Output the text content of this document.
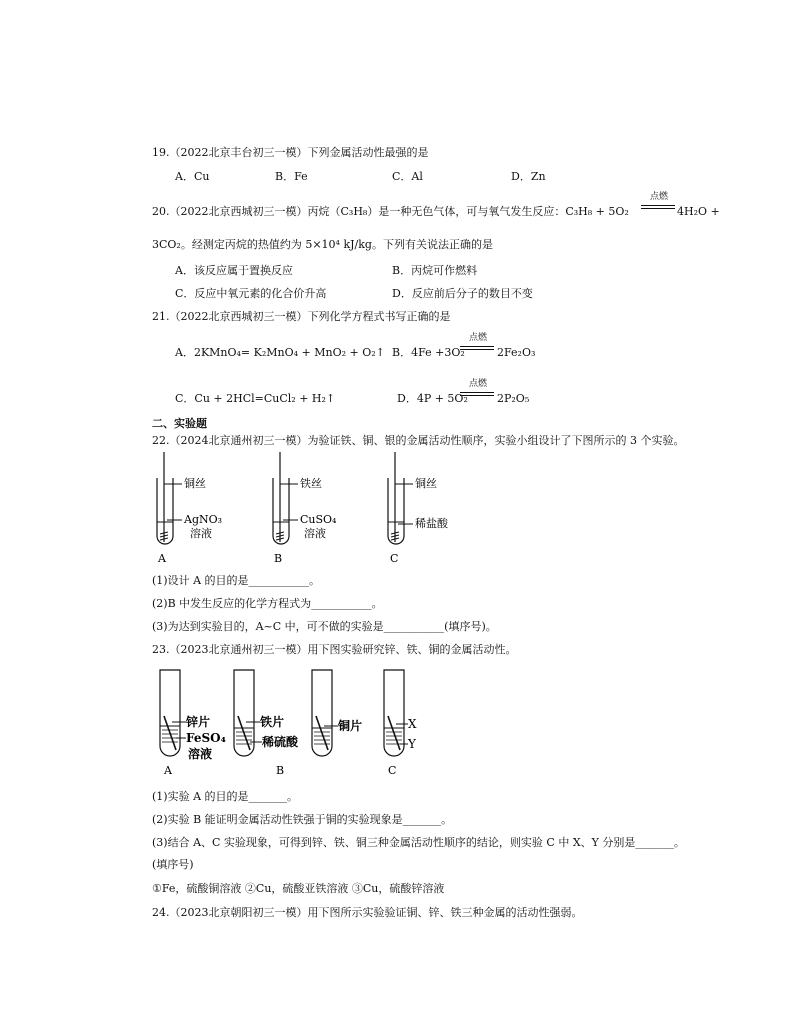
19.（2022北京丰台初三一模）下列金属活动性最强的是
A．Cu	B．Fe	C．Al	D．Zn
20.（2022北京西城初三一模）丙烷（C₃H₈）是一种无色气体，可与氧气发生反应：C₃H₈ + 5O₂
点燃
4H₂O +
3CO₂。经测定丙烷的热值约为 5×10⁴ kJ/kg。下列有关说法正确的是
A．该反应属于置换反应	B．丙烷可作燃料
C．反应中氧元素的化合价升高	D．反应前后分子的数目不变
21.（2022北京西城初三一模）下列化学方程式书写正确的是
A．2KMnO₄= K₂MnO₄ + MnO₂ + O₂↑ B．4Fe +3O₂
点燃
2Fe₂O₃
C．Cu + 2HCl=CuCl₂ + H₂↑	D．4P + 5O₂
点燃
2P₂O₅
二、实验题
22.（2024北京通州初三一模）为验证铁、铜、银的金属活动性顺序，实验小组设计了下图所示的 3 个实验。
铜丝
AgNO₃
溶液
A
铁丝
CuSO₄
溶液
B
铜丝
稀盐酸
C
(1)设计 A 的目的是___________。
(2)B 中发生反应的化学方程式为___________。
(3)为达到实验目的，A~C 中，可不做的实验是___________(填序号)。
23.（2023北京通州初三一模）用下图实验研究锌、铁、铜的金属活动性。
锌片
FeSO₄
溶液
A
铁片
稀硫酸
B
铜片	X
Y
C
(1)实验 A 的目的是_______。
(2)实验 B 能证明金属活动性铁强于铜的实验现象是_______。
(3)结合 A、C 实验现象，可得到锌、铁、铜三种金属活动性顺序的结论，则实验 C 中 X、Y 分别是_______。
(填序号)
①Fe，硫酸铜溶液 ②Cu，硫酸亚铁溶液 ③Cu，硫酸锌溶液
24.（2023北京朝阳初三一模）用下图所示实验验证铜、锌、铁三种金属的活动性强弱。
